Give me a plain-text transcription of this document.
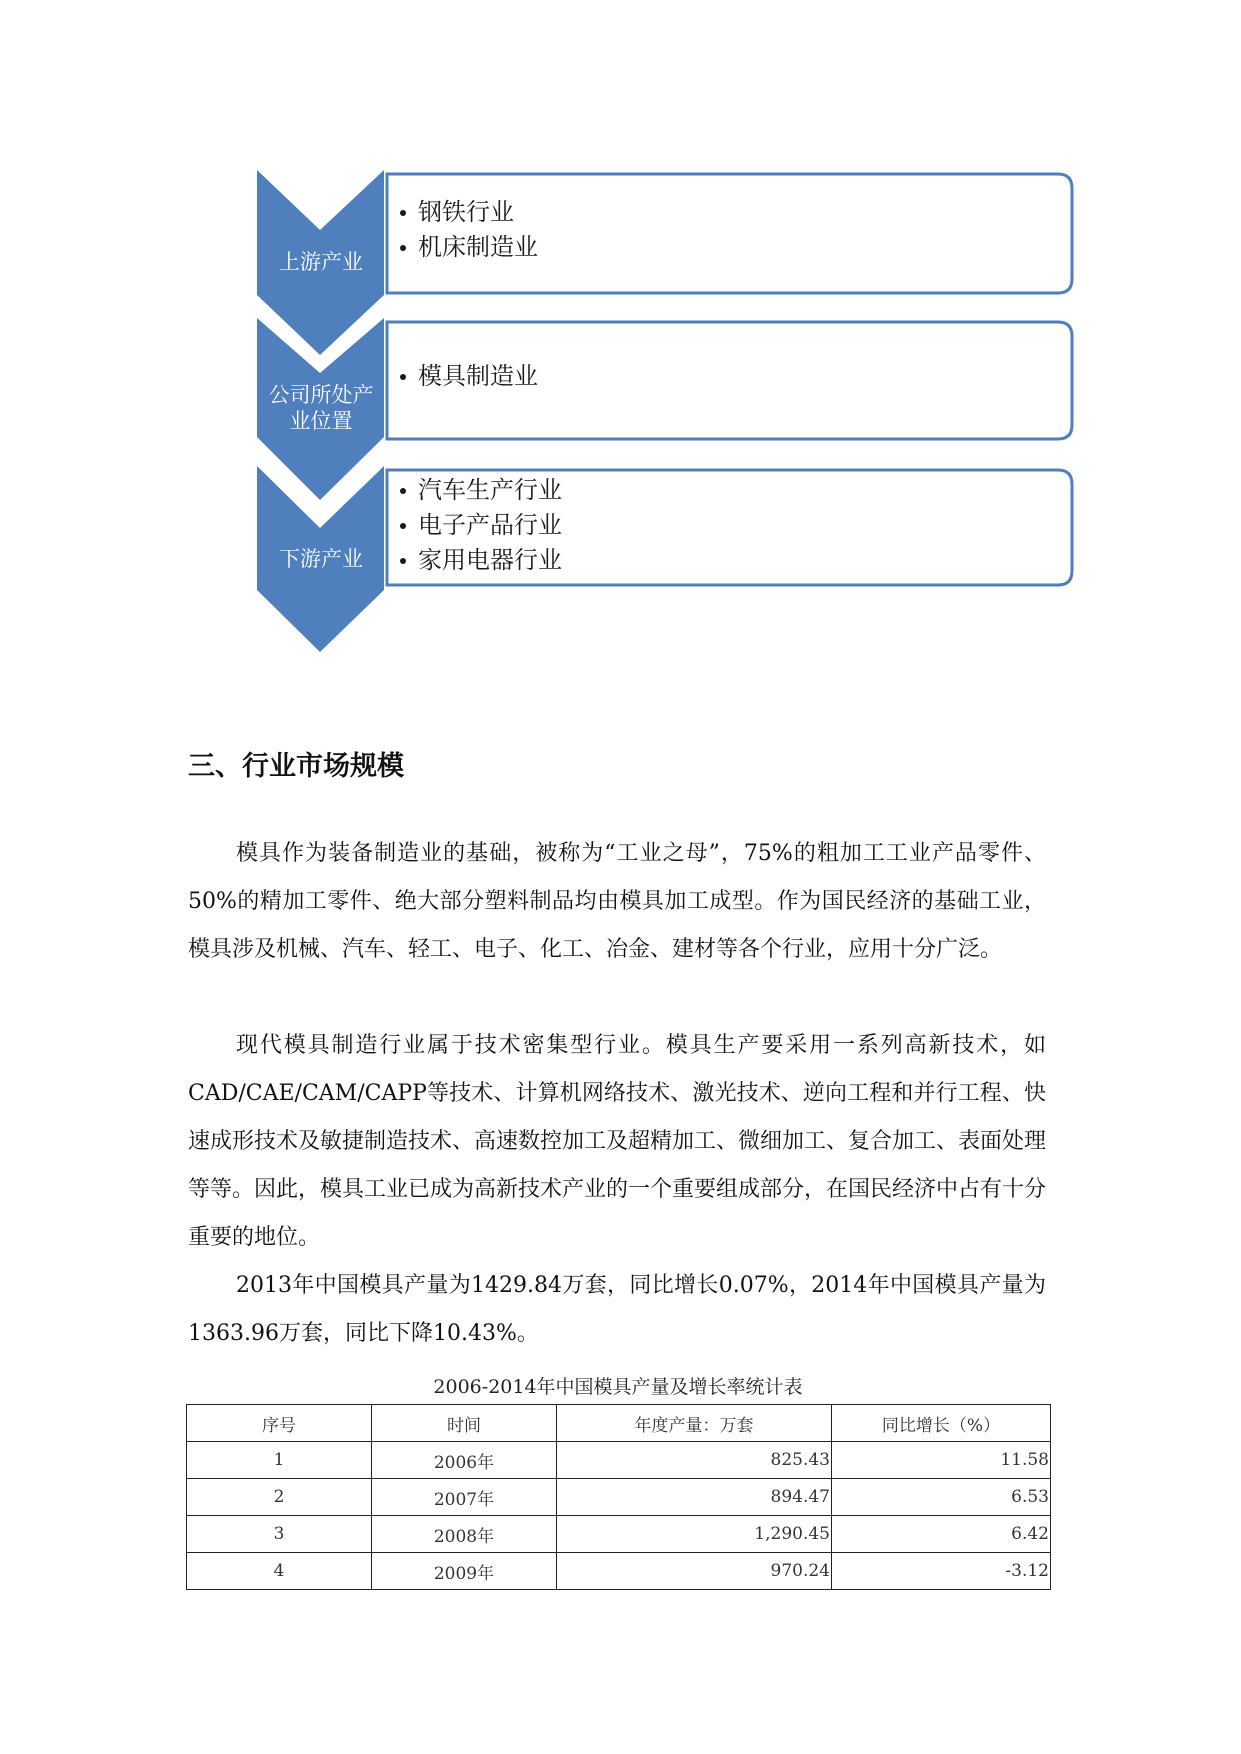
上游产业
公司所处产
业位置
下游产业
钢铁行业
机床制造业
模具制造业
汽车生产行业
电子产品行业
家用电器行业
三、行业市场规模

模具作为装备制造业的基础，被称为“工业之母”，75%的粗加工工业产品零件、50%的精加工零件、绝大部分塑料制品均由模具加工成型。作为国民经济的基础工业，模具涉及机械、汽车、轻工、电子、化工、冶金、建材等各个行业，应用十分广泛。

现代模具制造行业属于技术密集型行业。模具生产要采用一系列高新技术，如CAD/CAE/CAM/CAPP等技术、计算机网络技术、激光技术、逆向工程和并行工程、快速成形技术及敏捷制造技术、高速数控加工及超精加工、微细加工、复合加工、表面处理等等。因此，模具工业已成为高新技术产业的一个重要组成部分，在国民经济中占有十分重要的地位。

2013年中国模具产量为1429.84万套，同比增长0.07%，2014年中国模具产量为1363.96万套，同比下降10.43%。

2006-2014年中国模具产量及增长率统计表

序号	时间	年度产量：万套	同比增长（%）
1	2006年	825.43	11.58
2	2007年	894.47	6.53
3	2008年	1,290.45	6.42
4	2009年	970.24	-3.12
